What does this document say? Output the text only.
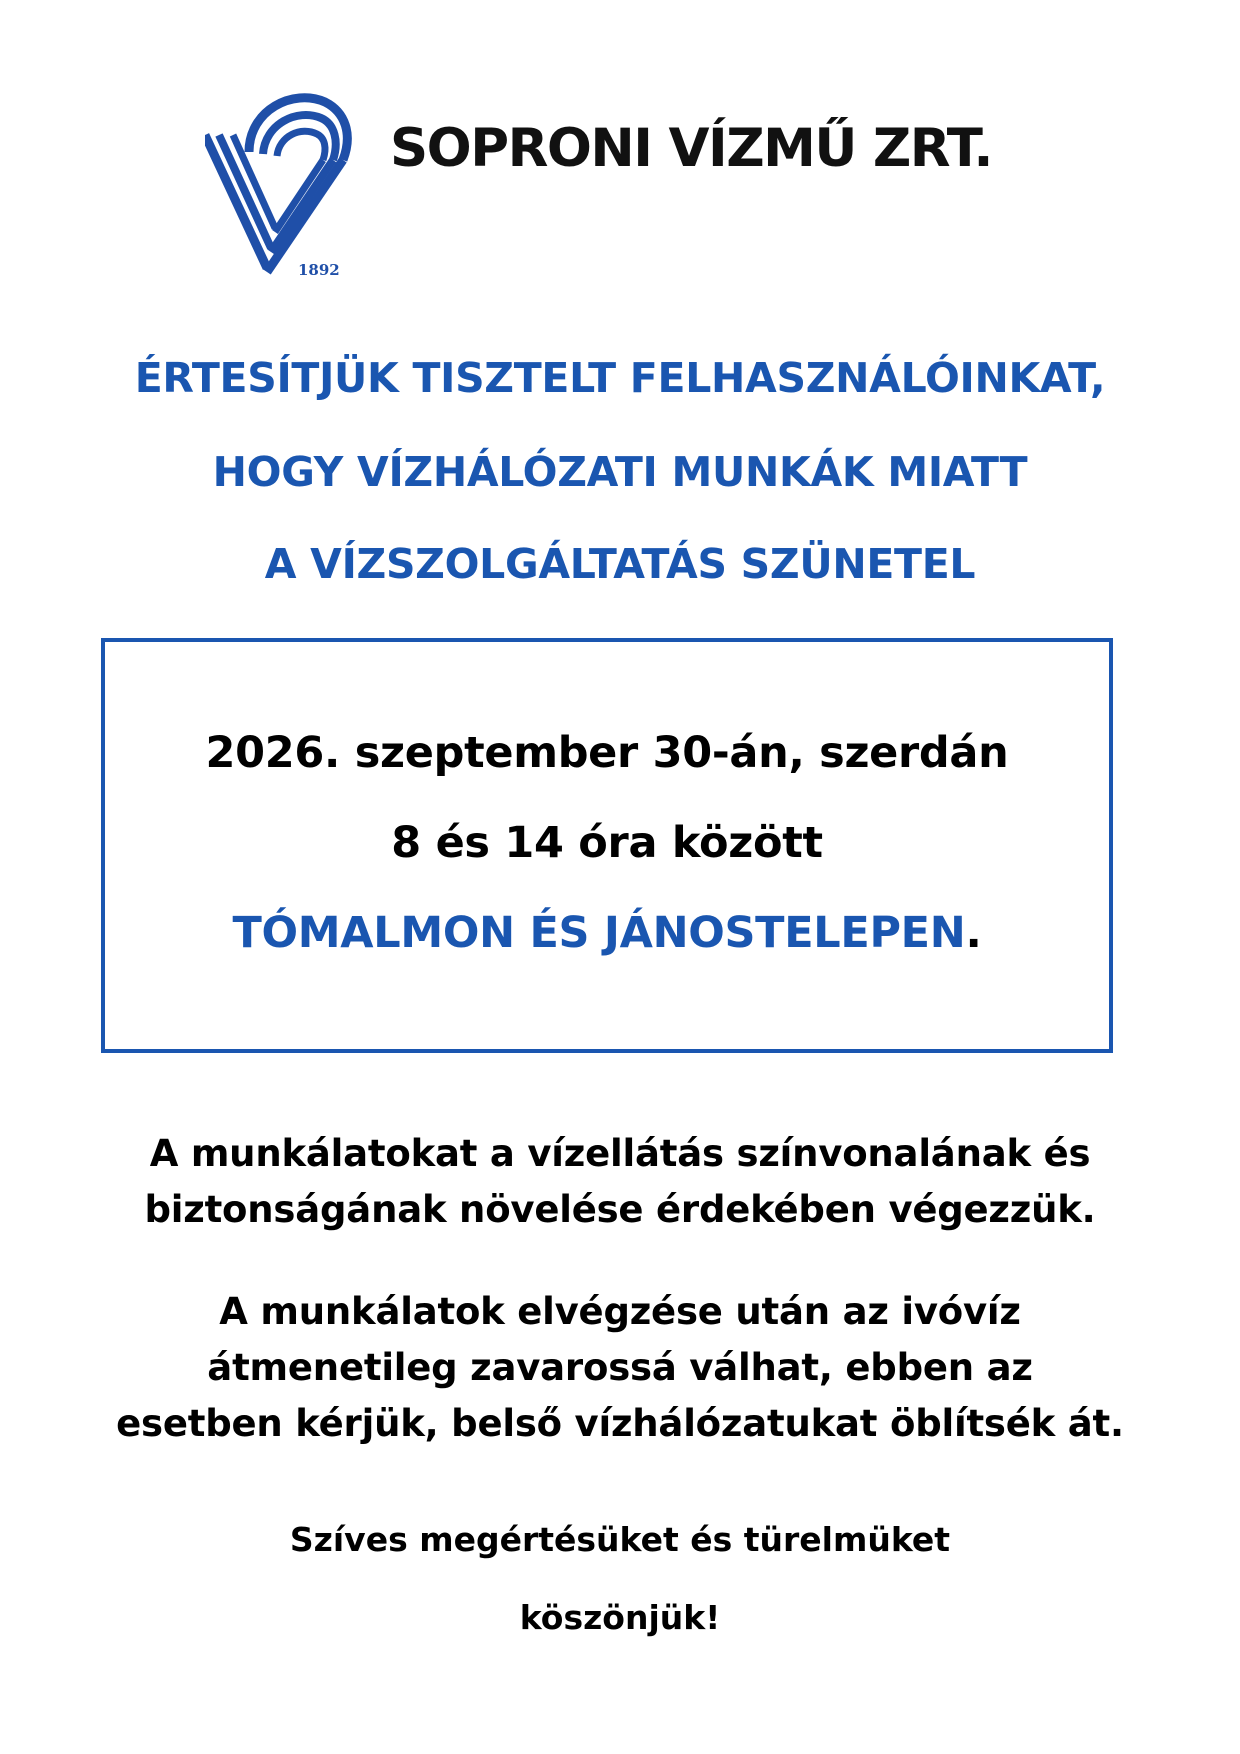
1892
SOPRONI VÍZMŰ ZRT.
ÉRTESÍTJÜK TISZTELT FELHASZNÁLÓINKAT,
HOGY VÍZHÁLÓZATI MUNKÁK MIATT
A VÍZSZOLGÁLTATÁS SZÜNETEL
2026. szeptember 30-án, szerdán
8 és 14 óra között
TÓMALMON ÉS JÁNOSTELEPEN.
A munkálatokat a vízellátás színvonalának és
biztonságának növelése érdekében végezzük.
A munkálatok elvégzése után az ivóvíz
átmenetileg zavarossá válhat, ebben az
esetben kérjük, belső vízhálózatukat öblítsék át.
Szíves megértésüket és türelmüket
köszönjük!
